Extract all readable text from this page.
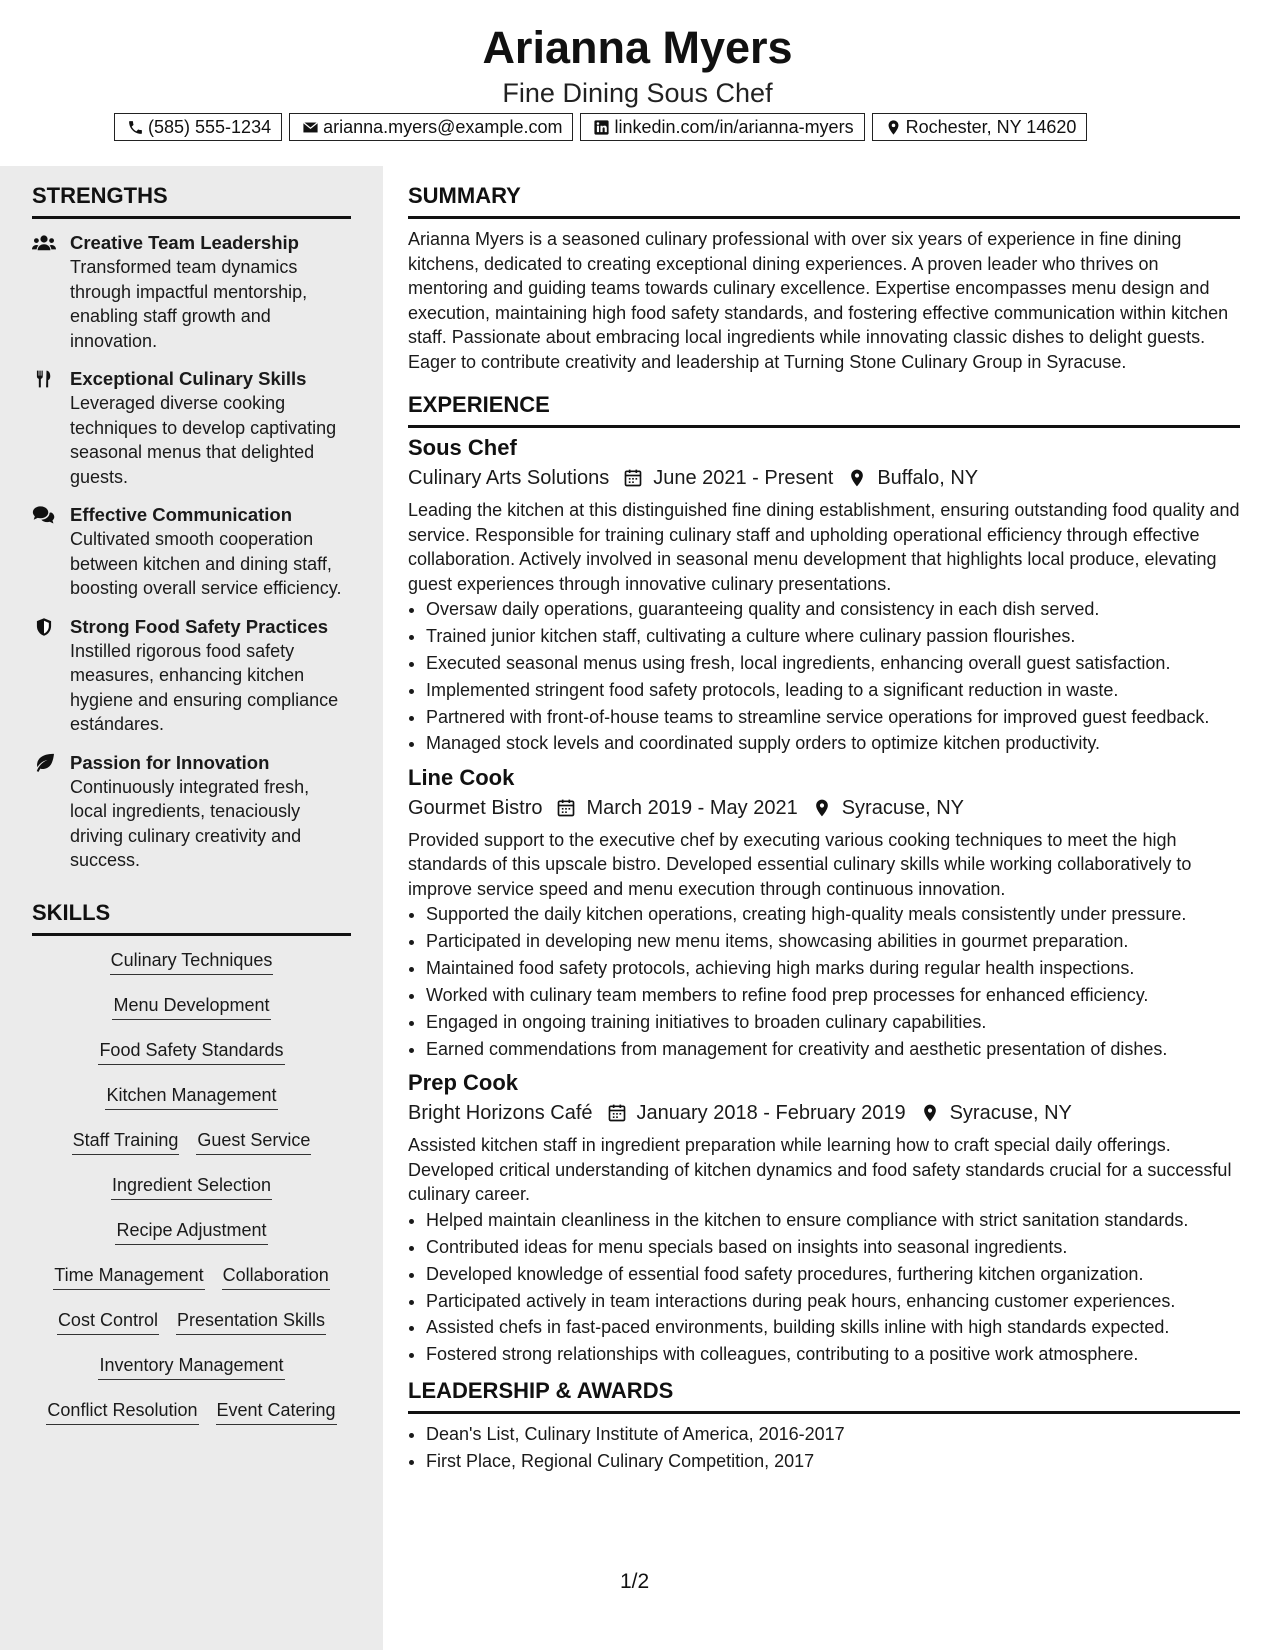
Arianna Myers
Fine Dining Sous Chef
(585) 555-1234	arianna.myers@example.com	linkedin.com/in/arianna-myers	Rochester, NY 14620
STRENGTHS
Creative Team Leadership
Transformed team dynamics through impactful mentorship, enabling staff growth and innovation.
Exceptional Culinary Skills
Leveraged diverse cooking techniques to develop captivating seasonal menus that delighted guests.
Effective Communication
Cultivated smooth cooperation between kitchen and dining staff, boosting overall service efficiency.
Strong Food Safety Practices
Instilled rigorous food safety measures, enhancing kitchen hygiene and ensuring compliance estándares.
Passion for Innovation
Continuously integrated fresh, local ingredients, tenaciously driving culinary creativity and success.
SKILLS
Culinary Techniques
Menu Development
Food Safety Standards
Kitchen Management
Staff Training Guest Service
Ingredient Selection
Recipe Adjustment
Time Management Collaboration
Cost Control Presentation Skills
Inventory Management
Conflict Resolution Event Catering
SUMMARY

Arianna Myers is a seasoned culinary professional with over six years of experience in fine dining kitchens, dedicated to creating exceptional dining experiences. A proven leader who thrives on mentoring and guiding teams towards culinary excellence. Expertise encompasses menu design and execution, maintaining high food safety standards, and fostering effective communication within kitchen staff. Passionate about embracing local ingredients while innovating classic dishes to delight guests. Eager to contribute creativity and leadership at Turning Stone Culinary Group in Syracuse.

EXPERIENCE
Sous Chef
Culinary Arts Solutions June 2021 - Present Buffalo, NY

Leading the kitchen at this distinguished fine dining establishment, ensuring outstanding food quality and service. Responsible for training culinary staff and upholding operational efficiency through effective collaboration. Actively involved in seasonal menu development that highlights local produce, elevating guest experiences through innovative culinary presentations.

• Oversaw daily operations, guaranteeing quality and consistency in each dish served.
• Trained junior kitchen staff, cultivating a culture where culinary passion flourishes.
• Executed seasonal menus using fresh, local ingredients, enhancing overall guest satisfaction.
• Implemented stringent food safety protocols, leading to a significant reduction in waste.
• Partnered with front-of-house teams to streamline service operations for improved guest feedback.
• Managed stock levels and coordinated supply orders to optimize kitchen productivity.
Line Cook
Gourmet Bistro March 2019 - May 2021 Syracuse, NY

Provided support to the executive chef by executing various cooking techniques to meet the high standards of this upscale bistro. Developed essential culinary skills while working collaboratively to improve service speed and menu execution through continuous innovation.

• Supported the daily kitchen operations, creating high-quality meals consistently under pressure.
• Participated in developing new menu items, showcasing abilities in gourmet preparation.
• Maintained food safety protocols, achieving high marks during regular health inspections.
• Worked with culinary team members to refine food prep processes for enhanced efficiency.
• Engaged in ongoing training initiatives to broaden culinary capabilities.
• Earned commendations from management for creativity and aesthetic presentation of dishes.
Prep Cook
Bright Horizons Café January 2018 - February 2019 Syracuse, NY

Assisted kitchen staff in ingredient preparation while learning how to craft special daily offerings. Developed critical understanding of kitchen dynamics and food safety standards crucial for a successful culinary career.

• Helped maintain cleanliness in the kitchen to ensure compliance with strict sanitation standards.
• Contributed ideas for menu specials based on insights into seasonal ingredients.
• Developed knowledge of essential food safety procedures, furthering kitchen organization.
• Participated actively in team interactions during peak hours, enhancing customer experiences.
• Assisted chefs in fast-paced environments, building skills inline with high standards expected.
• Fostered strong relationships with colleagues, contributing to a positive work atmosphere.
LEADERSHIP & AWARDS
• Dean's List, Culinary Institute of America, 2016-2017
• First Place, Regional Culinary Competition, 2017
1/2
